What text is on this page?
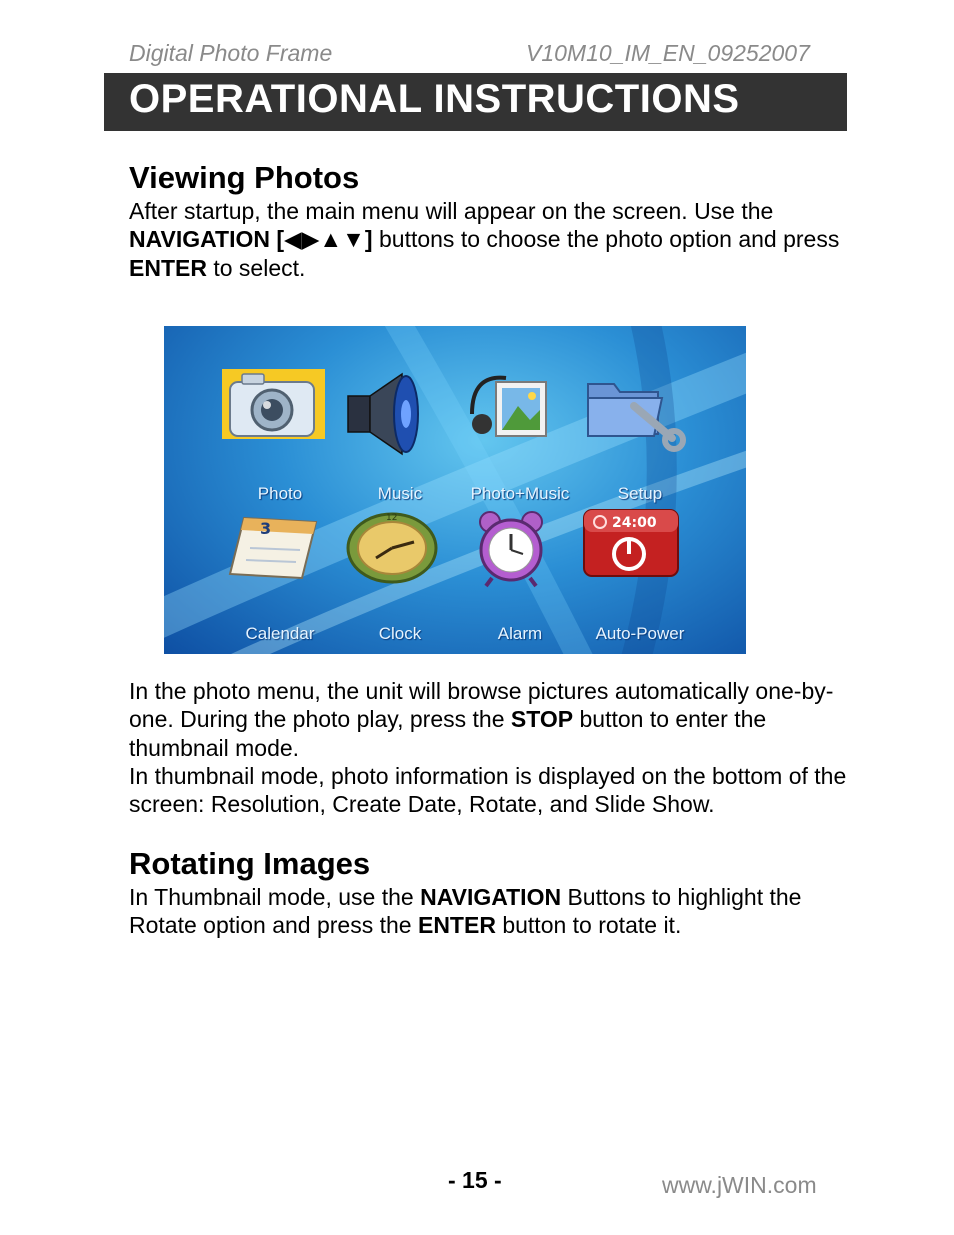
Digital Photo Frame	V10M10_IM_EN_09252007
OPERATIONAL INSTRUCTIONS
Viewing Photos

After startup, the main menu will appear on the screen. Use the NAVIGATION [◀▶▲▼] buttons to choose the photo option and press ENTER to select.

Photo	Music	Photo+Music	Setup
3
Calendar
12
Clock	Alarm
24:00
Auto-Power

In the photo menu, the unit will browse pictures automatically one-by-one. During the photo play, press the STOP button to enter the thumbnail mode.

In thumbnail mode, photo information is displayed on the bottom of the screen: Resolution, Create Date, Rotate, and Slide Show.

Rotating Images

In Thumbnail mode, use the NAVIGATION Buttons to highlight the Rotate option and press the ENTER button to rotate it.

- 15 -	www.jWIN.com
